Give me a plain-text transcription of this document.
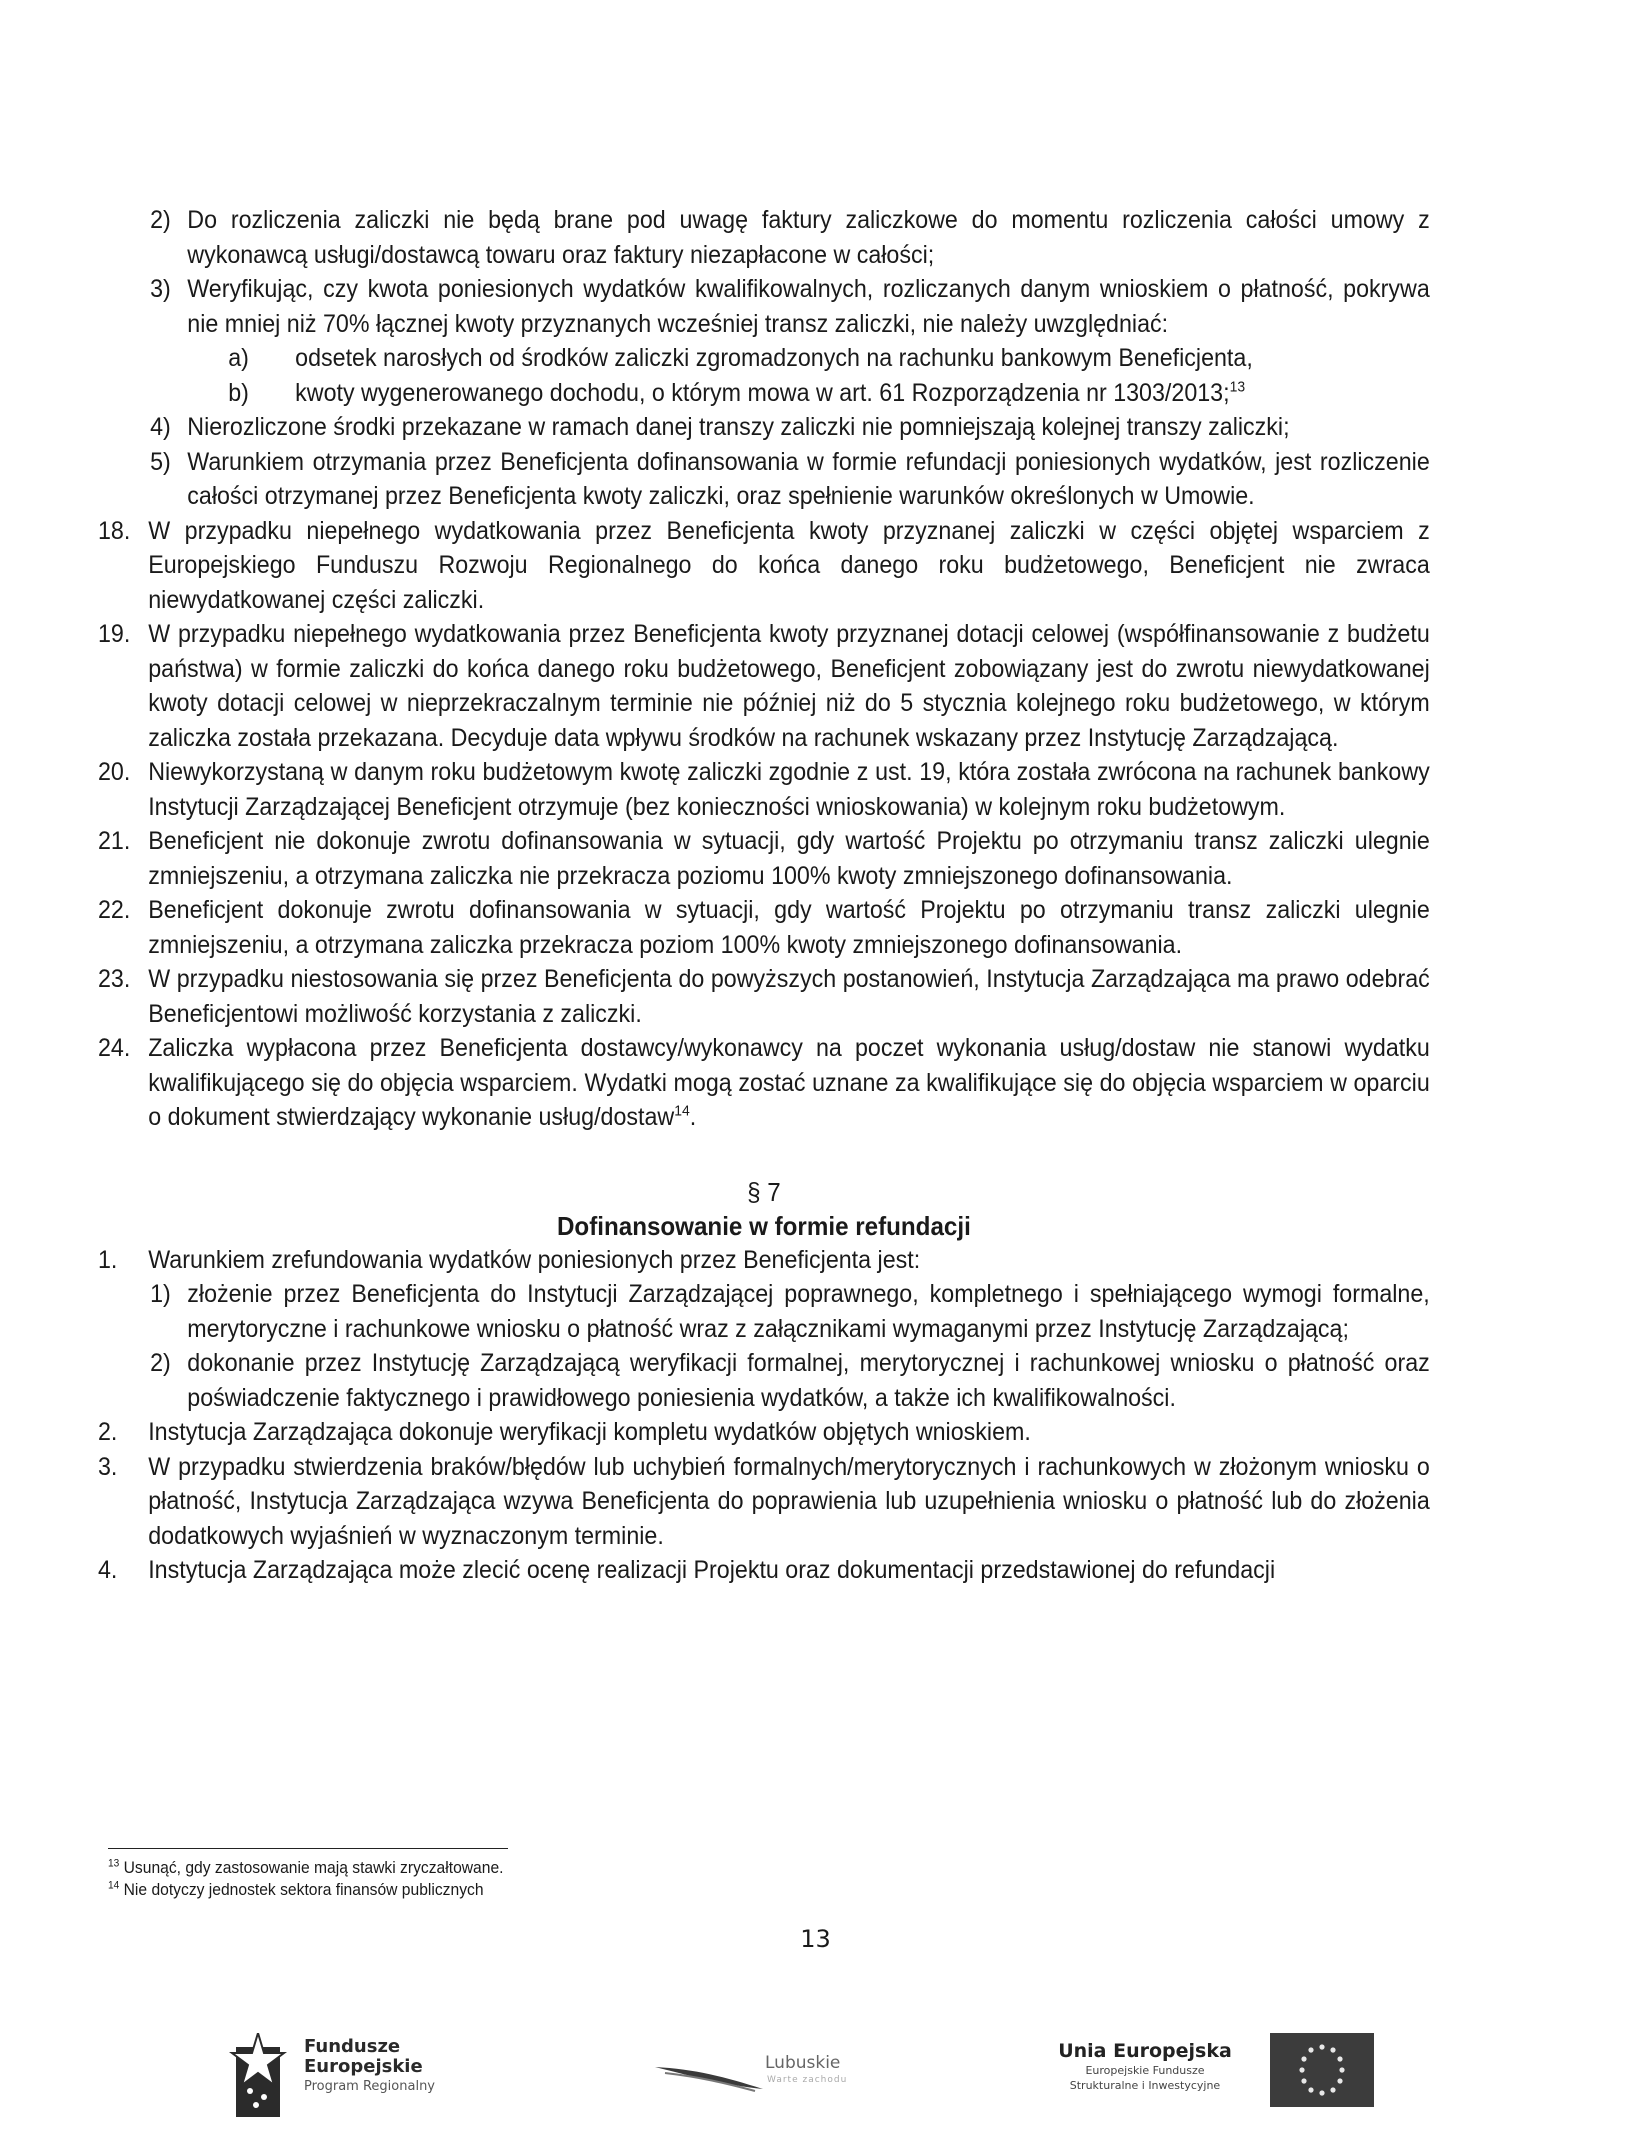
2) Do rozliczenia zaliczki nie będą brane pod uwagę faktury zaliczkowe do momentu rozliczenia całości umowy z wykonawcą usługi/dostawcą towaru oraz faktury niezapłacone w całości;
3) Weryfikując, czy kwota poniesionych wydatków kwalifikowalnych, rozliczanych danym wnioskiem o płatność, pokrywa nie mniej niż 70% łącznej kwoty przyznanych wcześniej transz zaliczki, nie należy uwzględniać:
a) odsetek narosłych od środków zaliczki zgromadzonych na rachunku bankowym Beneficjenta,
b) kwoty wygenerowanego dochodu, o którym mowa w art. 61 Rozporządzenia nr 1303/2013;$^{13}$
4) Nierozliczone środki przekazane w ramach danej transzy zaliczki nie pomniejszają kolejnej transzy zaliczki;
5) Warunkiem otrzymania przez Beneficjenta dofinansowania w formie refundacji poniesionych wydatków, jest rozliczenie całości otrzymanej przez Beneficjenta kwoty zaliczki, oraz spełnienie warunków określonych w Umowie.
18. W przypadku niepełnego wydatkowania przez Beneficjenta kwoty przyznanej zaliczki w części objętej wsparciem z Europejskiego Funduszu Rozwoju Regionalnego do końca danego roku budżetowego, Beneficjent nie zwraca niewydatkowanej części zaliczki.
19. W przypadku niepełnego wydatkowania przez Beneficjenta kwoty przyznanej dotacji celowej (współfinansowanie z budżetu państwa) w formie zaliczki do końca danego roku budżetowego, Beneficjent zobowiązany jest do zwrotu niewydatkowanej kwoty dotacji celowej w nieprzekraczalnym terminie nie później niż do 5 stycznia kolejnego roku budżetowego, w którym zaliczka została przekazana. Decyduje data wpływu środków na rachunek wskazany przez Instytucję Zarządzającą.
20. Niewykorzystaną w danym roku budżetowym kwotę zaliczki zgodnie z ust. 19, która została zwrócona na rachunek bankowy Instytucji Zarządzającej Beneficjent otrzymuje (bez konieczności wnioskowania) w kolejnym roku budżetowym.
21. Beneficjent nie dokonuje zwrotu dofinansowania w sytuacji, gdy wartość Projektu po otrzymaniu transz zaliczki ulegnie zmniejszeniu, a otrzymana zaliczka nie przekracza poziomu 100% kwoty zmniejszonego dofinansowania.
22. Beneficjent dokonuje zwrotu dofinansowania w sytuacji, gdy wartość Projektu po otrzymaniu transz zaliczki ulegnie zmniejszeniu, a otrzymana zaliczka przekracza poziom 100% kwoty zmniejszonego dofinansowania.
23. W przypadku niestosowania się przez Beneficjenta do powyższych postanowień, Instytucja Zarządzająca ma prawo odebrać Beneficjentowi możliwość korzystania z zaliczki.
24. Zaliczka wypłacona przez Beneficjenta dostawcy/wykonawcy na poczet wykonania usług/dostaw nie stanowi wydatku kwalifikującego się do objęcia wsparciem. Wydatki mogą zostać uznane za kwalifikujące się do objęcia wsparciem w oparciu o dokument stwierdzający wykonanie usług/dostaw$^{14}$.
§ 7
Dofinansowanie w formie refundacji
1. Warunkiem zrefundowania wydatków poniesionych przez Beneficjenta jest:
1) złożenie przez Beneficjenta do Instytucji Zarządzającej poprawnego, kompletnego i spełniającego wymogi formalne, merytoryczne i rachunkowe wniosku o płatność wraz z załącznikami wymaganymi przez Instytucję Zarządzającą;
2) dokonanie przez Instytucję Zarządzającą weryfikacji formalnej, merytorycznej i rachunkowej wniosku o płatność oraz poświadczenie faktycznego i prawidłowego poniesienia wydatków, a także ich kwalifikowalności.
2. Instytucja Zarządzająca dokonuje weryfikacji kompletu wydatków objętych wnioskiem.
3. W przypadku stwierdzenia braków/błędów lub uchybień formalnych/merytorycznych i rachunkowych w złożonym wniosku o płatność, Instytucja Zarządzająca wzywa Beneficjenta do poprawienia lub uzupełnienia wniosku o płatność lub do złożenia dodatkowych wyjaśnień w wyznaczonym terminie.
4. Instytucja Zarządzająca może zlecić ocenę realizacji Projektu oraz dokumentacji przedstawionej do refundacji
$^{13}$ Usunąć, gdy zastosowanie mają stawki zryczałtowane.
$^{14}$ Nie dotyczy jednostek sektora finansów publicznych
13
Fundusze
Europejskie
Program Regionalny
Lubuskie
Warte zachodu
Unia Europejska
Europejskie Fundusze
Strukturalne i Inwestycyjne
